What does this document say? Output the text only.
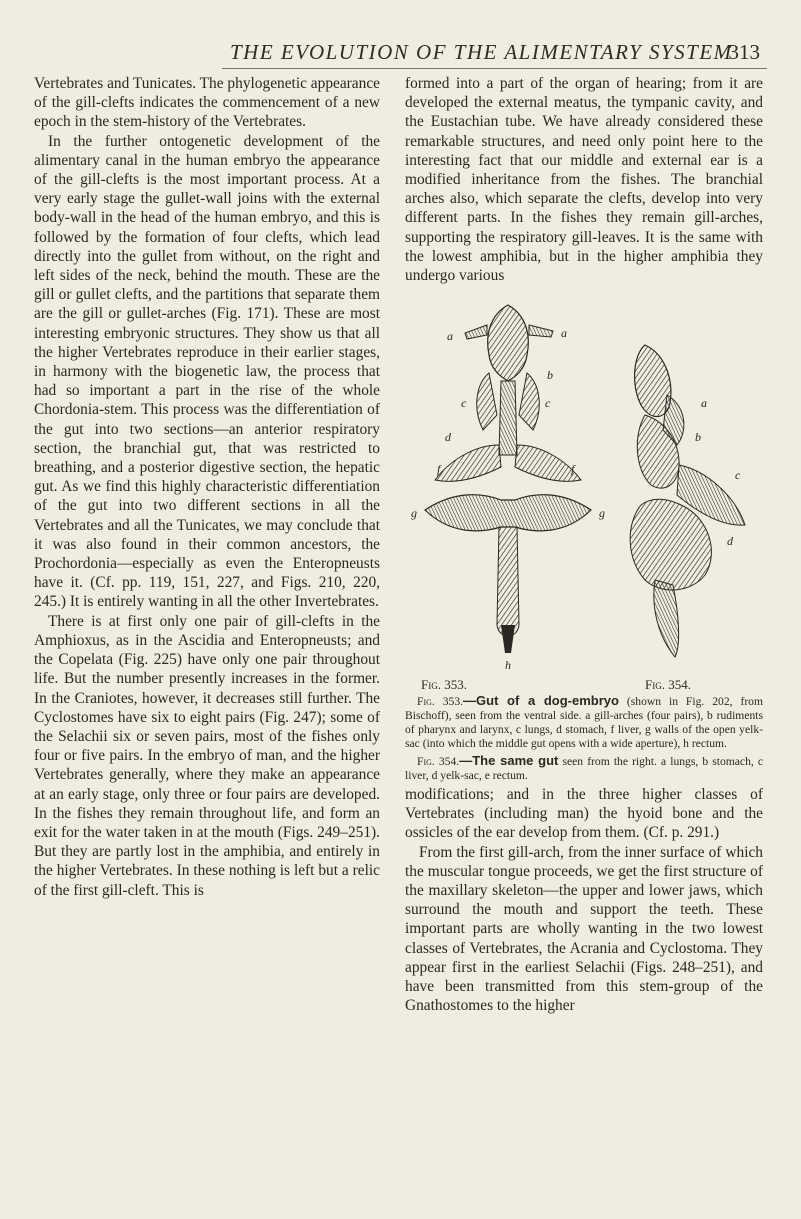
THE EVOLUTION OF THE ALIMENTARY SYSTEM
313

Vertebrates and Tunicates. The phylogenetic appearance of the gill-clefts indicates the commencement of a new epoch in the stem-history of the Vertebrates.

In the further ontogenetic development of the alimentary canal in the human embryo the appearance of the gill-clefts is the most important process. At a very early stage the gullet-wall joins with the external body-wall in the head of the human embryo, and this is followed by the formation of four clefts, which lead directly into the gullet from without, on the right and left sides of the neck, behind the mouth. These are the gill or gullet clefts, and the partitions that separate them are the gill or gullet-arches (Fig. 171). These are most interesting embryonic structures. They show us that all the higher Vertebrates reproduce in their earlier stages, in harmony with the biogenetic law, the process that had so important a part in the rise of the whole Chordonia-stem. This process was the differentiation of the gut into two sections—an anterior respiratory section, the branchial gut, that was restricted to breathing, and a posterior digestive section, the hepatic gut. As we find this highly characteristic differentiation of the gut into two different sections in all the Vertebrates and all the Tunicates, we may conclude that it was also found in their common ancestors, the Prochordonia—especially as even the Enteropneusts have it. (Cf. pp. 119, 151, 227, and Figs. 210, 220, 245.) It is entirely wanting in all the other Invertebrates.

There is at first only one pair of gill-clefts in the Amphioxus, as in the Ascidia and Enteropneusts; and the Copelata (Fig. 225) have only one pair throughout life. But the number presently increases in the former. In the Craniotes, however, it decreases still further. The Cyclostomes have six to eight pairs (Fig. 247); some of the Selachii six or seven pairs, most of the fishes only four or five pairs. In the embryo of man, and the higher Vertebrates generally, where they make an appearance at an early stage, only three or four pairs are developed. In the fishes they remain throughout life, and form an exit for the water taken in at the mouth (Figs. 249–251). But they are partly lost in the amphibia, and entirely in the higher Vertebrates. In these nothing is left but a relic of the first gill-cleft. This is

formed into a part of the organ of hearing; from it are developed the external meatus, the tympanic cavity, and the Eustachian tube. We have already considered these remarkable structures, and need only point here to the interesting fact that our middle and external ear is a modified inheritance from the fishes. The branchial arches also, which separate the clefts, develop into very different parts. In the fishes they remain gill-arches, supporting the respiratory gill-leaves. It is the same with the lowest amphibia, but in the higher amphibia they undergo various

a	a
b
c	c
d
f	f
g	g
h
a
b
c
d
Fig. 353.	Fig. 354.

Fig. 353.—Gut of a dog-embryo (shown in Fig. 202, from Bischoff), seen from the ventral side. a gill-arches (four pairs), b rudiments of pharynx and larynx, c lungs, d stomach, f liver, g walls of the open yelk-sac (into which the middle gut opens with a wide aperture), h rectum.

Fig. 354.—The same gut seen from the right. a lungs, b stomach, c liver, d yelk-sac, e rectum.

modifications; and in the three higher classes of Vertebrates (including man) the hyoid bone and the ossicles of the ear develop from them. (Cf. p. 291.)

From the first gill-arch, from the inner surface of which the muscular tongue proceeds, we get the first structure of the maxillary skeleton—the upper and lower jaws, which surround the mouth and support the teeth. These important parts are wholly wanting in the two lowest classes of Vertebrates, the Acrania and Cyclostoma. They appear first in the earliest Selachii (Figs. 248–251), and have been transmitted from this stem-group of the Gnathostomes to the higher
